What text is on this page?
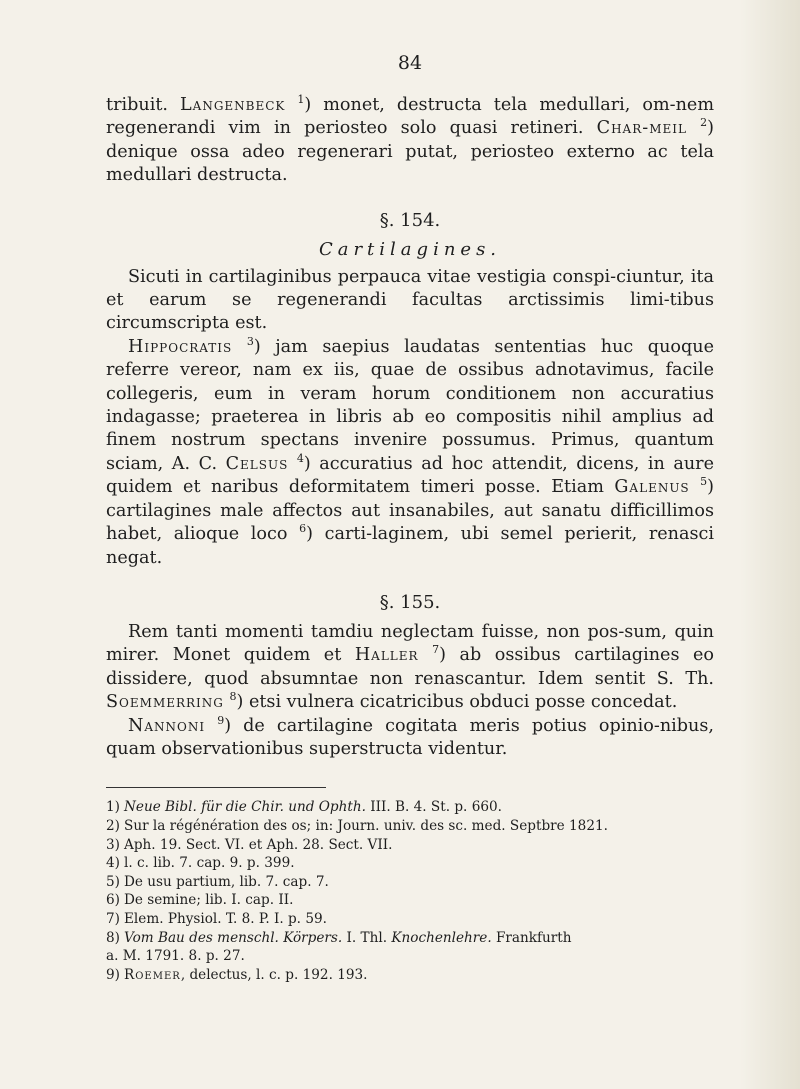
84

tribuit. Langenbeck $^1$) monet, destructa tela medullari, om-nem regenerandi vim in periosteo solo quasi retineri. Char-meil $^2$) denique ossa adeo regenerari putat, periosteo externo ac tela medullari destructa.

§. 154.
Cartilagines.

Sicuti in cartilaginibus perpauca vitae vestigia conspi-ciuntur, ita et earum se regenerandi facultas arctissimis limi-tibus circumscripta est.

Hippocratis $^3$) jam saepius laudatas sententias huc quoque referre vereor, nam ex iis, quae de ossibus adnotavimus, facile collegeris, eum in veram horum conditionem non accuratius indagasse; praeterea in libris ab eo compositis nihil amplius ad finem nostrum spectans invenire possumus. Primus, quantum sciam, A. C. Celsus $^4$) accuratius ad hoc attendit, dicens, in aure quidem et naribus deformitatem timeri posse. Etiam Galenus $^5$) cartilagines male affectos aut insanabiles, aut sanatu difficillimos habet, alioque loco $^6$) carti-laginem, ubi semel perierit, renasci negat.

§. 155.

Rem tanti momenti tamdiu neglectam fuisse, non pos-sum, quin mirer. Monet quidem et Haller $^7$) ab ossibus cartilagines eo dissidere, quod absumntae non renascantur. Idem sentit S. Th. Soemmerring $^8$) etsi vulnera cicatricibus obduci posse concedat.

Nannoni $^9$) de cartilagine cogitata meris potius opinio-nibus, quam observationibus superstructa videntur.

1) Neue Bibl. für die Chir. und Ophth. III. B. 4. St. p. 660.

2) Sur la régénération des os; in: Journ. univ. des sc. med. Septbre 1821.

3) Aph. 19. Sect. VI. et Aph. 28. Sect. VII.

4) l. c. lib. 7. cap. 9. p. 399.

5) De usu partium, lib. 7. cap. 7.

6) De semine; lib. I. cap. II.

7) Elem. Physiol. T. 8. P. I. p. 59.

8) Vom Bau des menschl. Körpers. I. Thl. Knochenlehre. Frankfurth

a. M. 1791. 8. p. 27.

9) Roemer, delectus, l. c. p. 192. 193.
